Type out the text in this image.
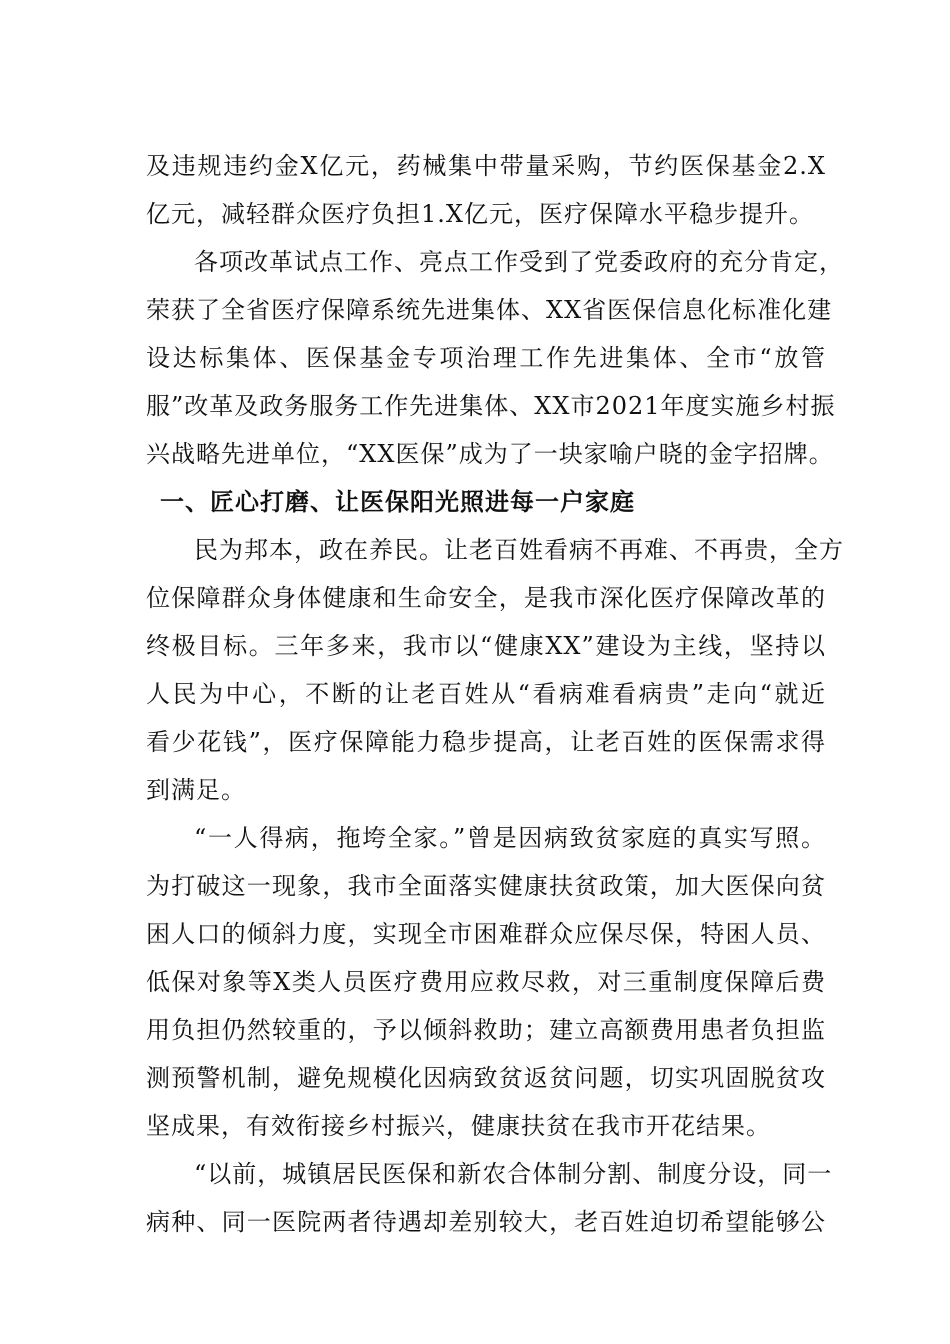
及违规违约金X亿元，药械集中带量采购，节约医保基金2.X
亿元，减轻群众医疗负担1.X亿元，医疗保障水平稳步提升。
各项改革试点工作、亮点工作受到了党委政府的充分肯定，
荣获了全省医疗保障系统先进集体、XX省医保信息化标准化建
设达标集体、医保基金专项治理工作先进集体、全市“放管
服”改革及政务服务工作先进集体、XX市2021年度实施乡村振
兴战略先进单位，“XX医保”成为了一块家喻户晓的金字招牌。
一、匠心打磨、让医保阳光照进每一户家庭
民为邦本，政在养民。让老百姓看病不再难、不再贵，全方
位保障群众身体健康和生命安全，是我市深化医疗保障改革的
终极目标。三年多来，我市以“健康XX”建设为主线，坚持以
人民为中心，不断的让老百姓从“看病难看病贵”走向“就近
看少花钱”，医疗保障能力稳步提高，让老百姓的医保需求得
到满足。
“一人得病，拖垮全家。”曾是因病致贫家庭的真实写照。
为打破这一现象，我市全面落实健康扶贫政策，加大医保向贫
困人口的倾斜力度，实现全市困难群众应保尽保，特困人员、
低保对象等X类人员医疗费用应救尽救，对三重制度保障后费
用负担仍然较重的，予以倾斜救助；建立高额费用患者负担监
测预警机制，避免规模化因病致贫返贫问题，切实巩固脱贫攻
坚成果，有效衔接乡村振兴，健康扶贫在我市开花结果。
“以前，城镇居民医保和新农合体制分割、制度分设，同一
病种、同一医院两者待遇却差别较大，老百姓迫切希望能够公
